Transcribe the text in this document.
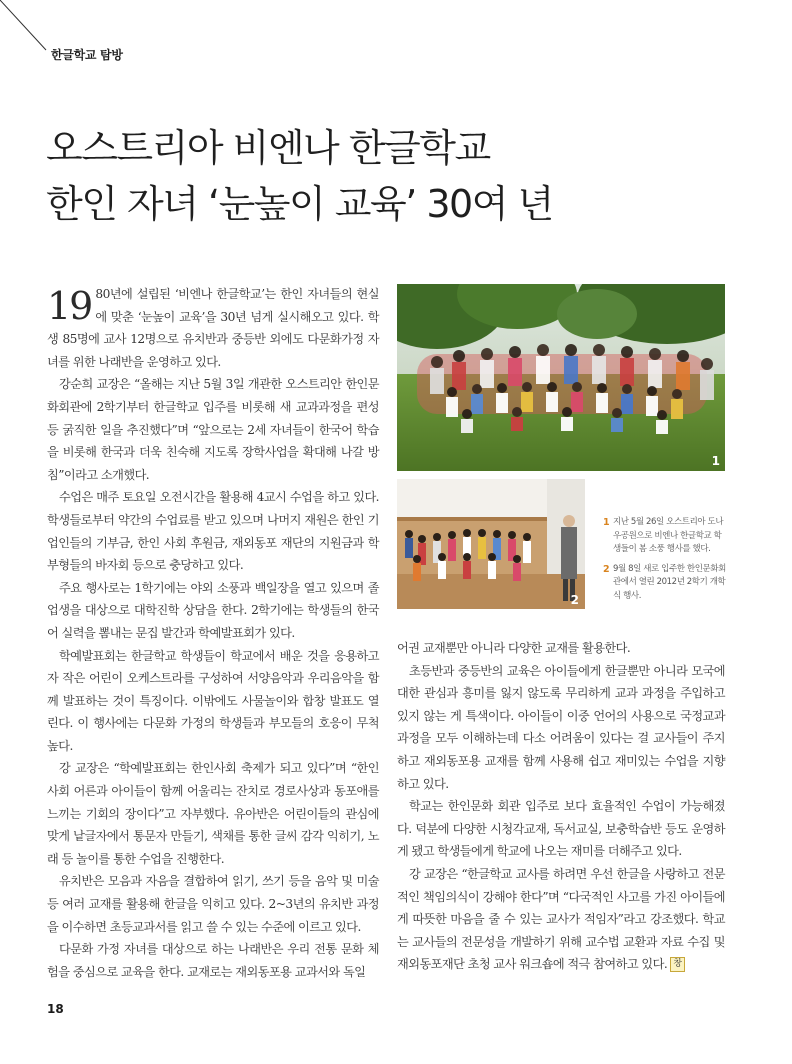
한글학교 탐방
오스트리아 비엔나 한글학교
한인 자녀 ‘눈높이 교육’ 30여 년

19 80년에 설립된 ‘비엔나 한글학교’는 한인 자녀들의 현실에 맞춘 ‘눈높이 교육’을 30년 넘게 실시해오고 있다. 학생 85명에 교사 12명으로 유치반과 중등반 외에도 다문화가정 자녀를 위한 나래반을 운영하고 있다.

강순희 교장은 “올해는 지난 5월 3일 개관한 오스트리안 한인문화회관에 2학기부터 한글학교 입주를 비롯해 새 교과과정을 편성 등 굵직한 일을 추진했다”며 “앞으로는 2세 자녀들이 한국어 학습을 비롯해 한국과 더욱 친숙해 지도록 장학사업을 확대해 나갈 방침”이라고 소개했다.

수업은 매주 토요일 오전시간을 활용해 4교시 수업을 하고 있다. 학생들로부터 약간의 수업료를 받고 있으며 나머지 재원은 한인 기업인들의 기부금, 한인 사회 후원금, 재외동포 재단의 지원금과 학부형들의 바자회 등으로 충당하고 있다.

주요 행사로는 1학기에는 야외 소풍과 백일장을 열고 있으며 졸업생을 대상으로 대학진학 상담을 한다. 2학기에는 학생들의 한국어 실력을 뽐내는 문집 발간과 학예발표회가 있다.

학예발표회는 한글학교 학생들이 학교에서 배운 것을 응용하고 자 작은 어린이 오케스트라를 구성하여 서양음악과 우리음악을 함께 발표하는 것이 특징이다. 이밖에도 사물놀이와 합창 발표도 열린다. 이 행사에는 다문화 가정의 학생들과 부모들의 호응이 무척 높다.

강 교장은 “학예발표회는 한인사회 축제가 되고 있다”며 “한인사회 어른과 아이들이 함께 어울리는 잔치로 경로사상과 동포애를 느끼는 기회의 장이다”고 자부했다. 유아반은 어린이들의 관심에 맞게 낱글자에서 통문자 만들기, 색채를 통한 글씨 감각 익히기, 노래 등 놀이를 통한 수업을 진행한다.

유치반은 모음과 자음을 결합하여 읽기, 쓰기 등을 음악 및 미술 등 여러 교재를 활용해 한글을 익히고 있다. 2~3년의 유치반 과정을 이수하면 초등교과서를 읽고 쓸 수 있는 수준에 이르고 있다.

다문화 가정 자녀를 대상으로 하는 나래반은 우리 전통 문화 체험을 중심으로 교육을 한다. 교재로는 재외동포용 교과서와 독일

1
2
1 지난 5월 26일 오스트리아 도나우공원으로 비엔나 한글학교 학생들이 봄 소풍 행사를 했다.
2 9월 8일 새로 입주한 한인문화회관에서 열린 2012년 2학기 개학식 행사.

어권 교재뿐만 아니라 다양한 교재를 활용한다.

초등반과 중등반의 교육은 아이들에게 한글뿐만 아니라 모국에 대한 관심과 흥미를 잃지 않도록 무리하게 교과 과정을 주입하고 있지 않는 게 특색이다. 아이들이 이중 언어의 사용으로 국정교과 과정을 모두 이해하는데 다소 어려움이 있다는 걸 교사들이 주지하고 재외동포용 교재를 함께 사용해 쉽고 재미있는 수업을 지향하고 있다.

학교는 한인문화 회관 입주로 보다 효율적인 수업이 가능해졌다. 덕분에 다양한 시청각교재, 독서교실, 보충학습반 등도 운영하게 됐고 학생들에게 학교에 나오는 재미를 더해주고 있다.

강 교장은 “한글학교 교사를 하려면 우선 한글을 사랑하고 전문적인 책임의식이 강해야 한다”며 “다국적인 사고를 가진 아이들에게 따뜻한 마음을 줄 수 있는 교사가 적임자”라고 강조했다. 학교는 교사들의 전문성을 개발하기 위해 교수법 교환과 자료 수집 및 재외동포재단 초청 교사 워크숍에 적극 참여하고 있다. 창

18
